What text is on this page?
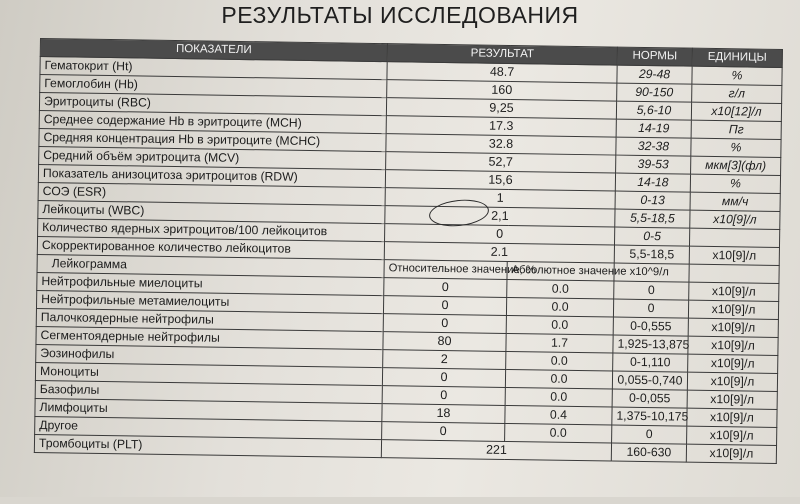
РЕЗУЛЬТАТЫ ИССЛЕДОВАНИЯ
ПОКАЗАТЕЛИ	РЕЗУЛЬТАТ		НОРМЫ	ЕДИНИЦЫ
Гематокрит (Ht)	48.7		29-48	%
Гемоглобин (Hb)	160		90-150	г/л
Эритроциты (RBC)	9,25		5,6-10	x10[12]/л
Среднее содержание Hb в эритроците (MCH)	17.3		14-19	Пг
Средняя концентрация Hb в эритроците (MCHC)	32.8		32-38	%
Средний объём эритроцита (MCV)	52,7		39-53	мкм[3](фл)
Показатель анизоцитоза эритроцитов (RDW)	15,6		14-18	%
СОЭ (ESR)	1		0-13	мм/ч
Лейкоциты (WBC)	2,1		5,5-18,5	x10[9]/л
Количество ядерных эритроцитов/100 лейкоцитов	0		0-5	
Скорректированное количество лейкоцитов	2.1		5,5-18,5	x10[9]/л
Лейкограмма	Относительное значение, %	Абсолютное значение x10^9/л		
Нейтрофильные миелоциты	0	0.0	0	x10[9]/л
Нейтрофильные метамиелоциты	0	0.0	0	x10[9]/л
Палочкоядерные нейтрофилы	0	0.0	0-0,555	x10[9]/л
Сегментоядерные нейтрофилы	80	1.7	1,925-13,875	x10[9]/л
Эозинофилы	2	0.0	0-1,110	x10[9]/л
Моноциты	0	0.0	0,055-0,740	x10[9]/л
Базофилы	0	0.0	0-0,055	x10[9]/л
Лимфоциты	18	0.4	1,375-10,175	x10[9]/л
Другое	0	0.0	0	x10[9]/л
Тромбоциты (PLT)	221		160-630	x10[9]/л
